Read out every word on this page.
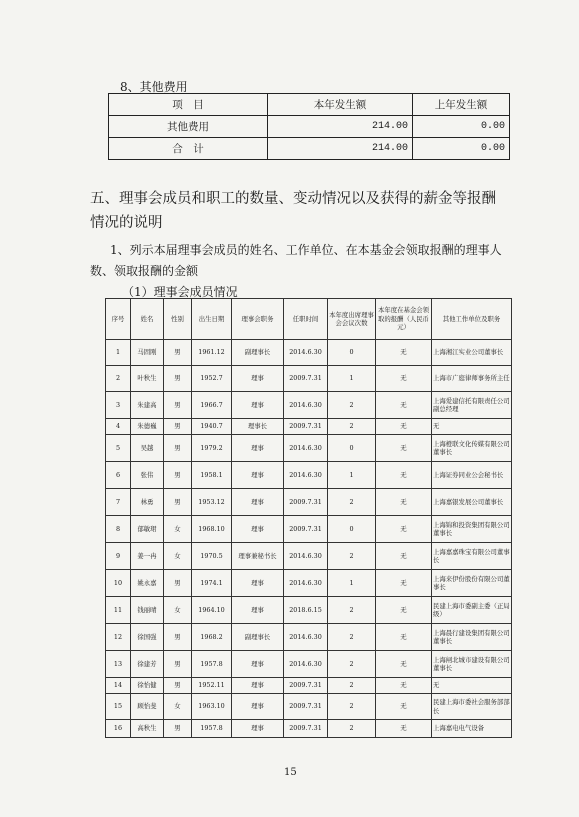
8、其他费用
项　目	本年发生额	上年发生额
其他费用	214.00	0.00
合　计	214.00	0.00
五、理事会成员和职工的数量、变动情况以及获得的薪金等报酬情况的说明
1、列示本届理事会成员的姓名、工作单位、在本基金会领取报酬的理事人数、领取报酬的金额
（1）理事会成员情况
序号	姓名	性别	出生日期	理事会职务	任职时间	本年度出席理事会会议次数	本年度在基金会领取的报酬（人民币元）	其他工作单位及职务
1	马固刚	男	1961.12	副理事长	2014.6.30	0	无	上海湘江实业公司董事长
2	叶秋生	男	1952.7	理事	2009.7.31	1	无	上海市广庭律师事务所主任
3	朱建高	男	1966.7	理事	2014.6.30	2	无	上海爱建信托有限责任公司副总经理
4	朱德巍	男	1940.7	理事长	2009.7.31	2	无	无
5	吴越	男	1979.2	理事	2014.6.30	0	无	上海橙联文化传媒有限公司董事长
6	张伟	男	1958.1	理事	2014.6.30	1	无	上海证券同业公会秘书长
7	林勇	男	1953.12	理事	2009.7.31	2	无	上海嘉银发展公司董事长
8	郁敏珺	女	1968.10	理事	2009.7.31	0	无	上海锦和投资集团有限公司董事长
9	姜一冉	女	1970.5	理事兼秘书长	2014.6.30	2	无	上海嘉嘉珠宝有限公司董事长
10	姚永嘉	男	1974.1	理事	2014.6.30	1	无	上海来伊份股份有限公司董事长
11	钱丽晴	女	1964.10	理事	2018.6.15	2	无	民建上海市委副主委（正局级）
12	徐国强	男	1968.2	副理事长	2014.6.30	2	无	上海晨行建设集团有限公司董事长
13	徐建芳	男	1957.8	理事	2014.6.30	2	无	上海闸北城市建设有限公司董事长
14	徐怡健	男	1952.11	理事	2009.7.31	2	无	无
15	顾怡斐	女	1963.10	理事	2009.7.31	2	无	民建上海市委社会服务部部长
16	高秋生	男	1957.8	理事	2009.7.31	2	无	上海嘉电电气设备
15
